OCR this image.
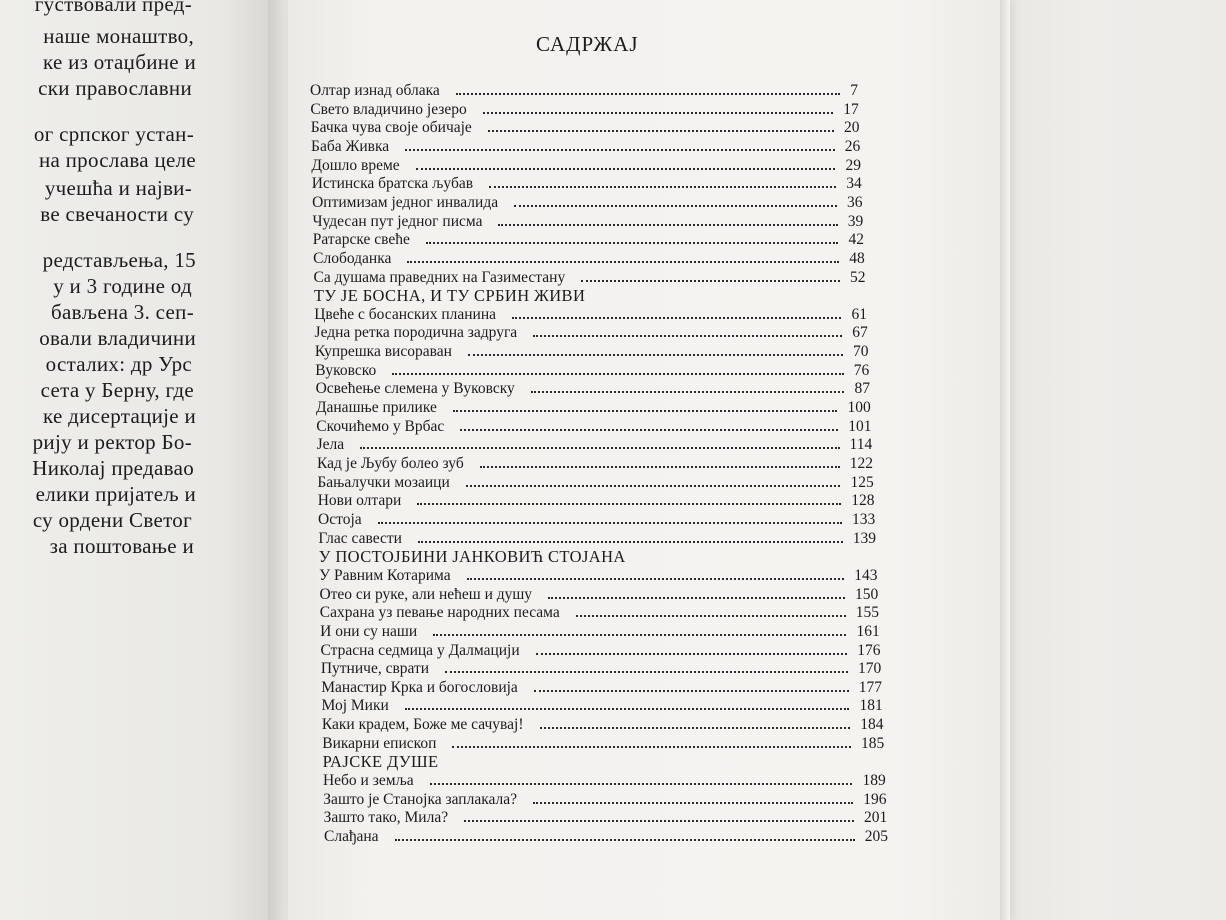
густвовали пред-
наше монаштво,
ке из отаџбине и
ски православни
ог српског устан-
на прослава целе
учешћа и најви-
ве свечаности су
редстављења, 15
у и 3 године од
бављена 3. сеп-
овали владичини
осталих: др Урс
сета у Берну, где
ке дисертације и
рију и ректор Бо-
Николај предавао
елики пријатељ и
су ордени Светог
за поштовање и
САДРЖАЈ
Олтар изнад облака	7
Свето владичино језеро	17
Бачка чува своје обичаје	20
Баба Живка	26
Дошло време	29
Истинска братска љубав	34
Оптимизам једног инвалида	36
Чудесан пут једног писма	39
Ратарске свеће	42
Слободанка	48
Са душама праведних на Газиместану	52
ТУ ЈЕ БОСНА, И ТУ СРБИН ЖИВИ
Цвеће с босанских планина	61
Једна ретка породична задруга	67
Купрешка висораван	70
Вуковско	76
Освећење слемена у Вуковску	87
Данашње прилике	100
Скочићемо у Врбас	101
Јела	114
Кад је Љубу болео зуб	122
Бањалучки мозаици	125
Нови олтари	128
Остоја	133
Глас савести	139
У ПОСТОЈБИНИ ЈАНКОВИЋ СТОЈАНА
У Равним Котарима	143
Отео си руке, али нећеш и душу	150
Сахрана уз певање народних песама	155
И они су наши	161
Страсна седмица у Далмацији	176
Путниче, сврати	170
Манастир Крка и богословија	177
Мој Мики	181
Каки крадем, Боже ме сачувај!	184
Викарни епископ	185
РАЈСКЕ ДУШЕ
Небо и земља	189
Зашто је Станојка заплакала?	196
Зашто тако, Мила?	201
Слађана	205
